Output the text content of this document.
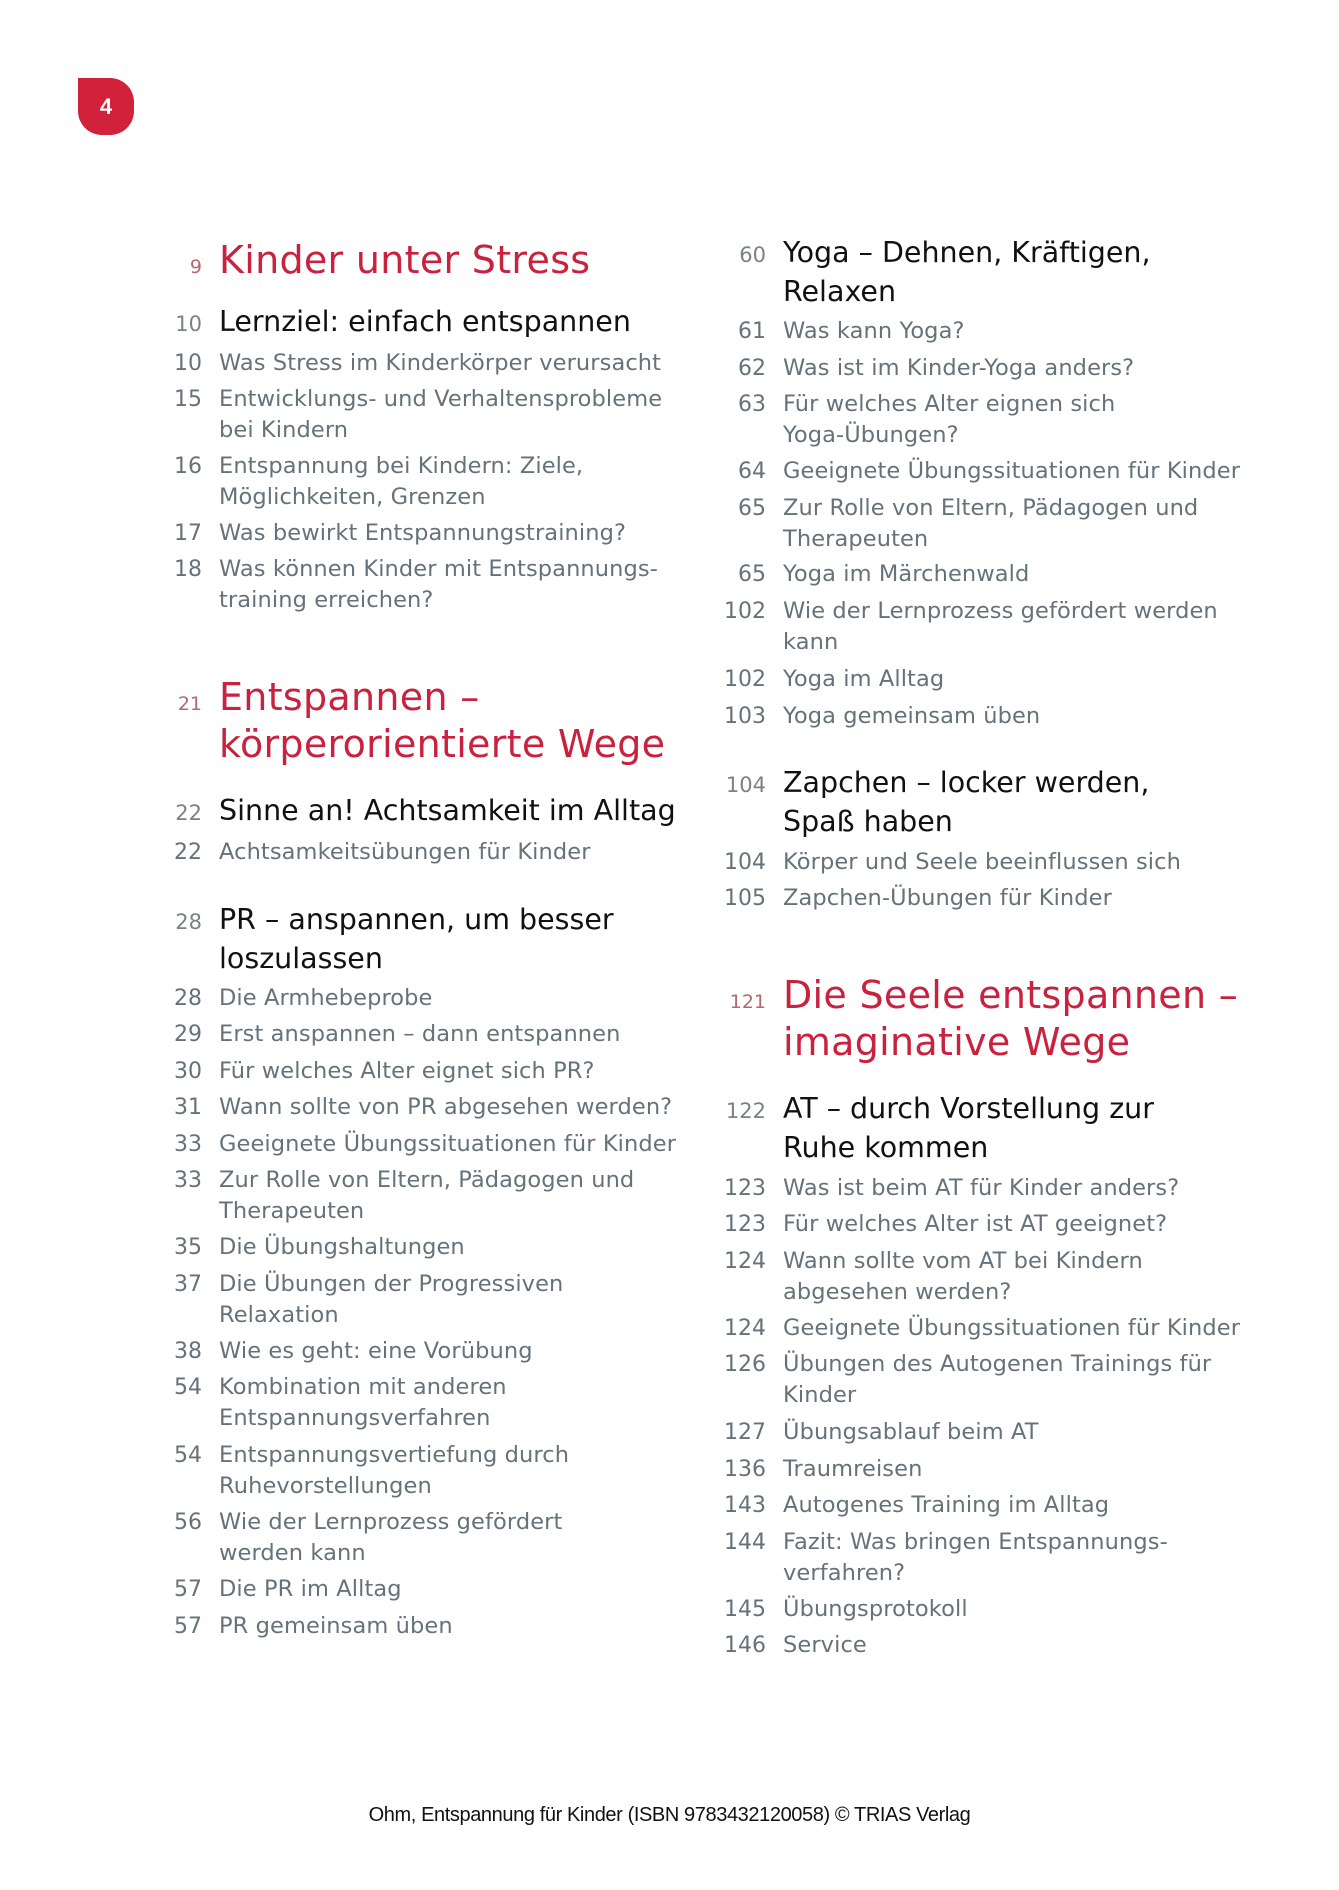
4
9 Kinder unter Stress
10 Lernziel: einfach entspannen
10 Was Stress im Kinderkörper verursacht
15 Entwicklungs- und Verhaltensprobleme
bei Kindern
16 Entspannung bei Kindern: Ziele,
Möglichkeiten, Grenzen
17 Was bewirkt Entspannungstraining?
18 Was können Kinder mit Entspannungs-
training erreichen?
21 Entspannen –
körperorientierte Wege
22 Sinne an! Achtsamkeit im Alltag
22 Achtsamkeitsübungen für Kinder
28 PR – anspannen, um besser
loszulassen
28 Die Armhebeprobe
29 Erst anspannen – dann entspannen
30 Für welches Alter eignet sich PR?
31 Wann sollte von PR abgesehen werden?
33 Geeignete Übungssituationen für Kinder
33 Zur Rolle von Eltern, Pädagogen und
Therapeuten
35 Die Übungshaltungen
37 Die Übungen der Progressiven
Relaxation
38 Wie es geht: eine Vorübung
54 Kombination mit anderen
Entspannungsverfahren
54 Entspannungsvertiefung durch
Ruhevorstellungen
56 Wie der Lernprozess gefördert
werden kann
57 Die PR im Alltag
57 PR gemeinsam üben
60 Yoga – Dehnen, Kräftigen,
Relaxen
61 Was kann Yoga?
62 Was ist im Kinder-Yoga anders?
63 Für welches Alter eignen sich
Yoga-Übungen?
64 Geeignete Übungssituationen für Kinder
65 Zur Rolle von Eltern, Pädagogen und
Therapeuten
65 Yoga im Märchenwald
102 Wie der Lernprozess gefördert werden
kann
102 Yoga im Alltag
103 Yoga gemeinsam üben
104 Zapchen – locker werden,
Spaß haben
104 Körper und Seele beeinflussen sich
105 Zapchen-Übungen für Kinder
121 Die Seele entspannen –
imaginative Wege
122 AT – durch Vorstellung zur
Ruhe kommen
123 Was ist beim AT für Kinder anders?
123 Für welches Alter ist AT geeignet?
124 Wann sollte vom AT bei Kindern
abgesehen werden?
124 Geeignete Übungssituationen für Kinder
126 Übungen des Autogenen Trainings für
Kinder
127 Übungsablauf beim AT
136 Traumreisen
143 Autogenes Training im Alltag
144 Fazit: Was bringen Entspannungs-
verfahren?
145 Übungsprotokoll
146 Service
Ohm, Entspannung für Kinder (ISBN 9783432120058) © TRIAS Verlag
